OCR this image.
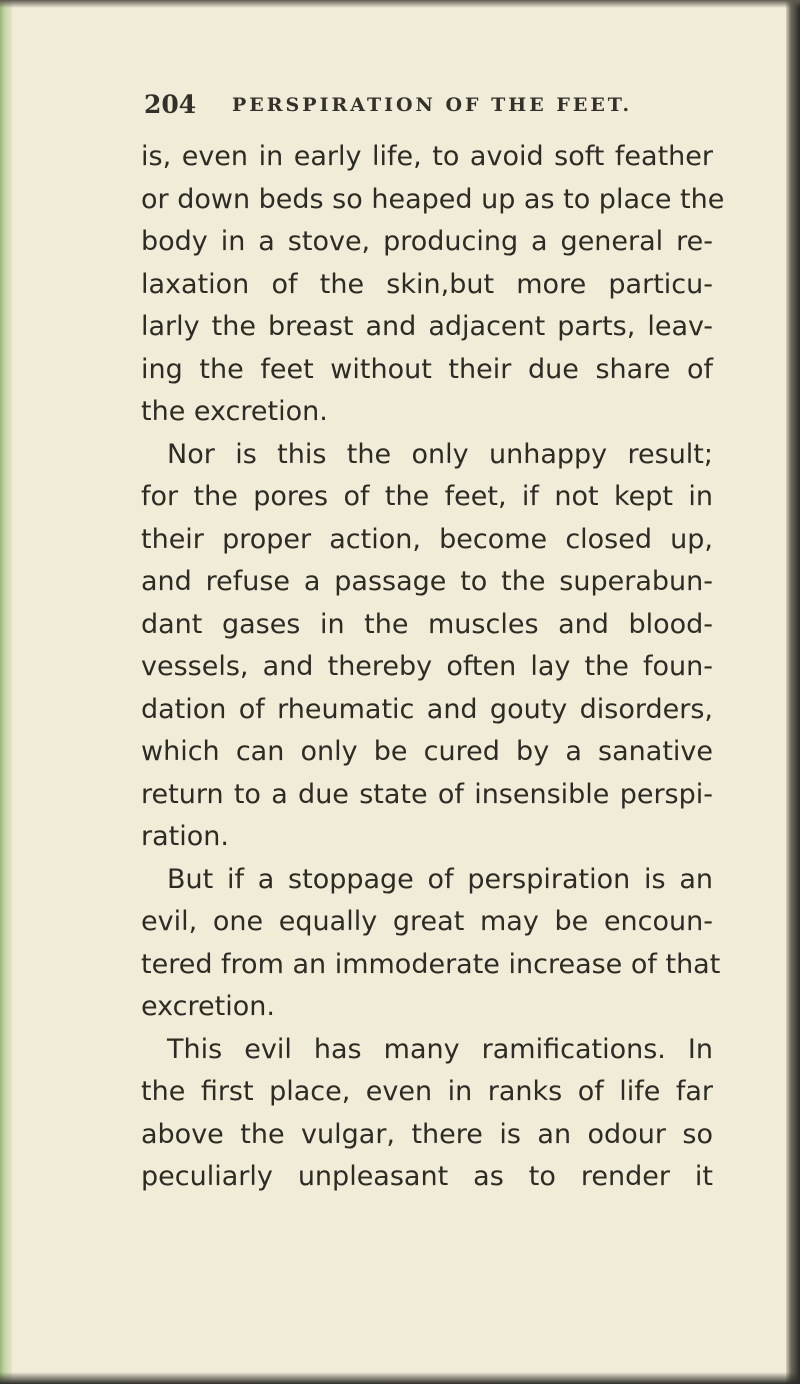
204 PERSPIRATION OF THE FEET.
is, even in early life, to avoid soft feather
or down beds so heaped up as to place the
body in a stove, producing a general re-
laxation of the skin,but more particu-
larly the breast and adjacent parts, leav-
ing the feet without their due share of
the excretion.
Nor is this the only unhappy result;
for the pores of the feet, if not kept in
their proper action, become closed up,
and refuse a passage to the superabun-
dant gases in the muscles and blood-
vessels, and thereby often lay the foun-
dation of rheumatic and gouty disorders,
which can only be cured by a sanative
return to a due state of insensible perspi-
ration.
But if a stoppage of perspiration is an
evil, one equally great may be encoun-
tered from an immoderate increase of that
excretion.
This evil has many ramifications. In
the first place, even in ranks of life far
above the vulgar, there is an odour so
peculiarly unpleasant as to render it
